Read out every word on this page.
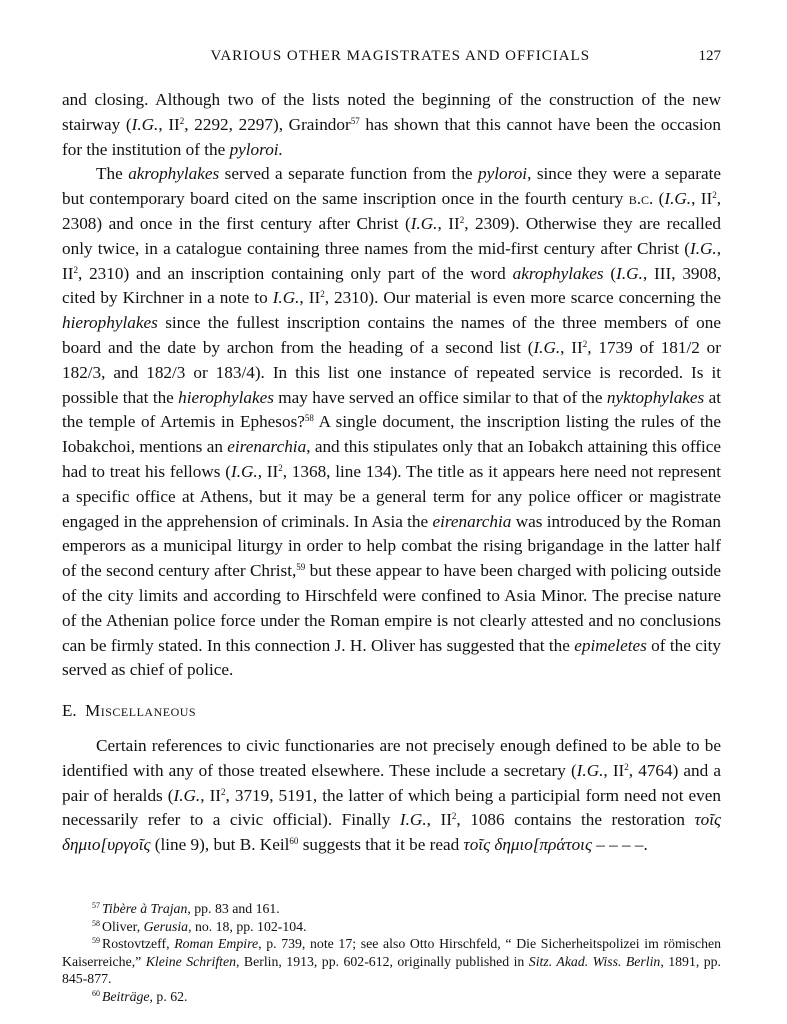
VARIOUS OTHER MAGISTRATES AND OFFICIALS	127

and closing. Although two of the lists noted the beginning of the construction of the new stairway (I.G., $II^2$, 2292, 2297), Graindor$^{57}$ has shown that this cannot have been the occasion for the institution of the pyloroi.

The akrophylakes served a separate function from the pyloroi, since they were a separate but contemporary board cited on the same inscription once in the fourth century b.c. (I.G., $II^2$, 2308) and once in the first century after Christ (I.G., $II^2$, 2309). Otherwise they are recalled only twice, in a catalogue containing three names from the mid-first century after Christ (I.G., $II^2$, 2310) and an inscription containing only part of the word akrophylakes (I.G., III, 3908, cited by Kirchner in a note to I.G., $II^2$, 2310). Our material is even more scarce concerning the hierophylakes since the fullest inscription contains the names of the three members of one board and the date by archon from the heading of a second list (I.G., $II^2$, 1739 of 181/2 or 182/3, and 182/3 or 183/4). In this list one instance of repeated service is recorded. Is it possible that the hierophylakes may have served an office similar to that of the nyktophylakes at the temple of Artemis in Ephesos?$^{58}$ A single document, the inscription listing the rules of the Iobakchoi, mentions an eirenarchia, and this stipulates only that an Iobakch attaining this office had to treat his fellows (I.G., $II^2$, 1368, line 134). The title as it appears here need not represent a specific office at Athens, but it may be a general term for any police officer or magistrate engaged in the apprehension of criminals. In Asia the eirenarchia was introduced by the Roman emperors as a municipal liturgy in order to help combat the rising brigandage in the latter half of the second century after Christ,$^{59}$ but these appear to have been charged with policing outside of the city limits and according to Hirschfeld were confined to Asia Minor. The precise nature of the Athenian police force under the Roman empire is not clearly attested and no conclusions can be firmly stated. In this connection J. H. Oliver has suggested that the epimeletes of the city served as chief of police.

E. Miscellaneous

Certain references to civic functionaries are not precisely enough defined to be able to be identified with any of those treated elsewhere. These include a secretary (I.G., $II^2$, 4764) and a pair of heralds (I.G., $II^2$, 3719, 5191, the latter of which being a participial form need not even necessarily refer to a civic official). Finally I.G., $II^2$, 1086 contains the restoration τοῖς δημιο[υργοῖς (line 9), but B. Keil$^{60}$ suggests that it be read τοῖς δημιο[πράτοις – – – –.

$^{57}$ Tibère à Trajan, pp. 83 and 161.

$^{58}$ Oliver, Gerusia, no. 18, pp. 102-104.

$^{59}$ Rostovtzeff, Roman Empire, p. 739, note 17; see also Otto Hirschfeld, “ Die Sicherheitspolizei im römischen Kaiserreiche,” Kleine Schriften, Berlin, 1913, pp. 602-612, originally published in Sitz. Akad. Wiss. Berlin, 1891, pp. 845-877.

$^{60}$ Beiträge, p. 62.
